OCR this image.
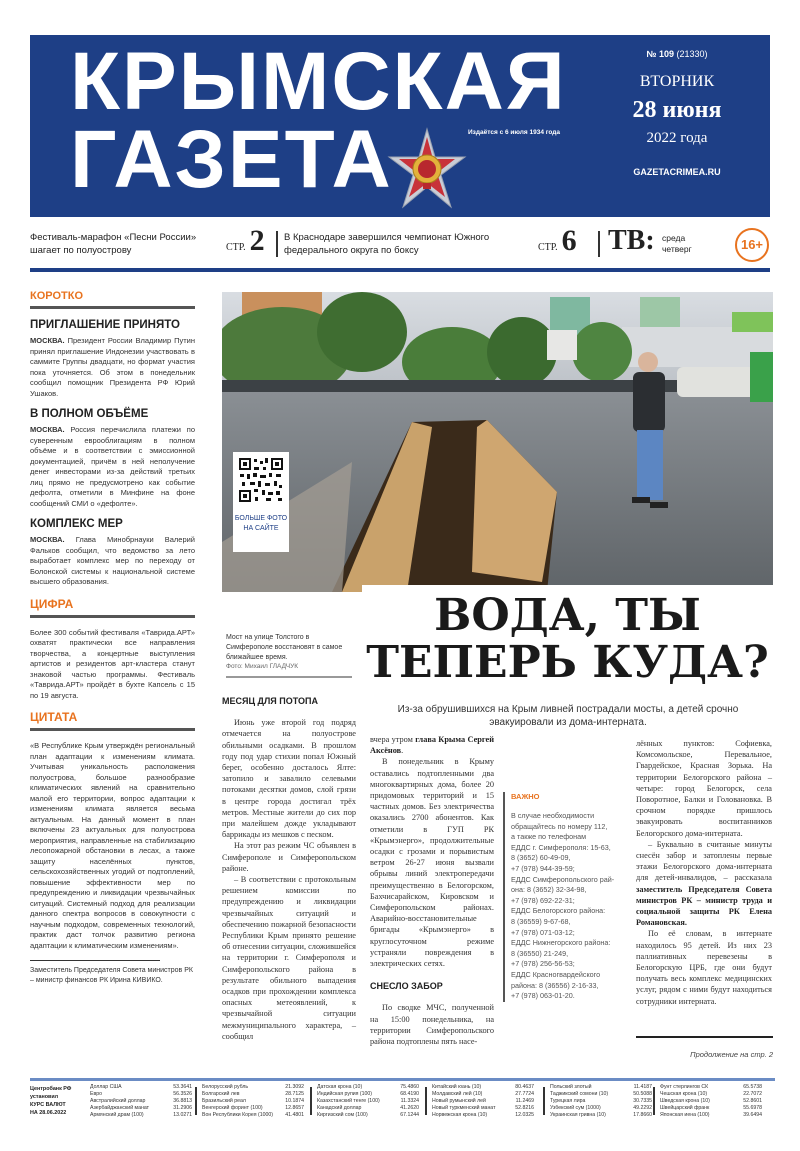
КРЫМСКАЯ
ГАЗЕТА	Издаётся с 6 июля 1934 года
№ 109 (21330)
ВТОРНИК
28 июня
2022 года
GAZETACRIMEA.RU
Фестиваль-марафон «Песни России» шагает по полуострову	СТР. 2 В Краснодаре завершился чемпионат Южного федерального округа по боксу	СТР. 6 ТВ: среда
четверг	16+
КОРОТКО
ПРИГЛАШЕНИЕ ПРИНЯТО
МОСКВА. Президент России Владимир Путин принял приглашение Индонезии участвовать в саммите Группы двадцати, но формат участия пока уточняется. Об этом в понедельник сообщил помощник Президента РФ Юрий Ушаков.
В ПОЛНОМ ОБЪЁМЕ
МОСКВА. Россия перечислила платежи по суверенным еврооблигациям в полном объёме и в соответствии с эмиссионной документацией, причём в ней неполучение денег инвесторами из-за действий третьих лиц прямо не предусмотрено как событие дефолта, отметили в Минфине на фоне сообщений СМИ о «дефолте».
КОМПЛЕКС МЕР
МОСКВА. Глава Минобрнауки Валерий Фальков сообщил, что ведомство за лето выработает комплекс мер по переходу от Болонской системы к национальной системе высшего образования.
ЦИФРА
Более 300 событий фестиваля «Таврида.АРТ» охватят практически все направления творчества, а концертные выступления артистов и резидентов арт-кластера станут знаковой частью программы. Фестиваль «Таврида.АРТ» пройдёт в бухте Капсель с 15 по 19 августа.
ЦИТАТА
«В Республике Крым утверждён региональный план адаптации к изменениям климата. Учитывая уникальность расположения полуострова, большое разнообразие климатических явлений на сравнительно малой его территории, вопрос адаптации к изменениям климата является весьма актуальным. На данный момент в план включены 23 актуальных для полуострова мероприятия, направленные на стабилизацию лесопожарной обстановки в лесах, а также защиту населённых пунктов, сельскохозяйственных угодий от подтоплений, повышение эффективности мер по предупреждению и ликвидации чрезвычайных ситуаций. Системный подход для реализации данного спектра вопросов в совокупности с научным подходом, современных технологий, практик даст толчок развитию региона адаптации к климатическим изменениям».
Заместитель Председателя Совета министров РК – министр финансов РК Ирина КИВИКО.
БОЛЬШЕ ФОТО НА САЙТЕ
Мост на улице Толстого в Симферополе восстановят в самое ближайшее время.
Фото: Михаил ГЛАДЧУК
ВОДА, ТЫ
ТЕПЕРЬ КУДА?
Из-за обрушившихся на Крым ливней пострадали мосты, а детей срочно эвакуировали из дома-интерната.

МЕСЯЦ ДЛЯ ПОТОПА

Июнь уже второй год подряд отмечается на полуострове обильными осадками. В прошлом году под удар стихии попал Южный берег, особенно досталось Ялте: затопило и завалило селевыми потоками десятки домов, слой грязи в центре города достигал трёх метров. Местные жители до сих пор при малейшем дожде укладывают баррикады из мешков с песком.

На этот раз режим ЧС объявлен в Симферополе и Симферопольском районе.

– В соответствии с протокольным решением комиссии по предупреждению и ликвидации чрезвычайных ситуаций и обеспечению пожарной безопасности Республики Крым принято решение об отнесении ситуации, сложившейся на территории г. Симферополя и Симферопольского района в результате обильного выпадения осадков при прохождении комплекса опасных метеоявлений, к чрезвычайной ситуации межмуниципального характера, – сообщил

вчера утром глава Крыма Сергей Аксёнов.

В понедельник в Крыму оставались подтопленными два многоквартирных дома, более 20 придомовых территорий и 15 частных домов. Без электричества оказались 2700 абонентов. Как отметили в ГУП РК «Крымэнерго», продолжительные осадки с грозами и порывистым ветром 26-27 июня вызвали обрывы линий электропередачи преимущественно в Белогорском, Бахчисарайском, Кировском и Симферопольском районах. Аварийно-восстановительные бригады «Крымэнерго» в круглосуточном режиме устраняли повреждения в электрических сетях.

СНЕСЛО ЗАБОР

По сводке МЧС, полученной на 15:00 понедельника, на территории Симферопольского района подтоплены пять насе-

ВАЖНО
В случае необходимости
обращайтесь по номеру 112,
а также по телефонам
ЕДДС г. Симферополя: 15-63,
8 (3652) 60-49-09,
+7 (978) 944-39-59;
ЕДДС Симферопольского рай-
она: 8 (3652) 32-34-98,
+7 (978) 692-22-31;
ЕДДС Белогорского района:
8 (36559) 9-67-68,
+7 (978) 071-03-12;
ЕДДС Нижнегорского района:
8 (36550) 21-249,
+7 (978) 256-56-53;
ЕДДС Красногвардейского
района: 8 (36556) 2-16-33,
+7 (978) 063-01-20.

лённых пунктов: Софиевка, Комсомольское, Перевальное, Гвардейское, Красная Зорька. На территории Белогорского района – четыре: город Белогорск, села Поворотное, Балки и Головановка. В срочном порядке пришлось эвакуировать воспитанников Белогорского дома-интерната.

– Буквально в считаные минуты снесён забор и затоплены первые этажи Белогорского дома-интерната для детей-инвалидов, – рассказала заместитель Председателя Совета министров РК – министр труда и социальной защиты РК Елена Романовская.

По её словам, в интернате находилось 95 детей. Из них 23 паллиативных перевезены в Белогорскую ЦРБ, где они будут получать весь комплекс медицинских услуг, рядом с ними будут находиться сотрудники интерната.

Продолжение на стр. 2
Центробанк РФ
установил
КУРС ВАЛЮТ
НА 28.06.2022
Доллар США	53.3641
Евро	56.3526
Австралийский доллар	36.8813
Азербайджанский манат	31.2906
Армянский драм (100)	13.0271
Белорусский рубль	21.3092
Болгарский лев	28.7125
Бразильский реал	10.1874
Венгерский форинт (100)	12.8657
Вон Республики Корея (1000)	41.4801
Датская крона (10)	75.4860
Индийская рупия (100)	68.4190
Казахстанский тенге (100)	11.3324
Канадский доллар	41.2620
Киргизский сом (100)	67.1244
Китайский юань (10)	80.4637
Молдавский лей (10)	27.7724
Новый румынский лей	11.2469
Новый туркменский манат	52.8216
Норвежская крона (10)	12.0325
Польский злотый	11.4187
Таджикский сомони (10)	50.5088
Турецкая лира	30.7335
Узбекский сум (1000)	49.2292
Украинская гривна (10)	17.8660
Фунт стерлингов СК	65.5738
Чешская крона (10)	22.7072
Шведская крона (10)	52.8601
Швейцарский франк	55.6978
Японская иена (100)	39.6494
